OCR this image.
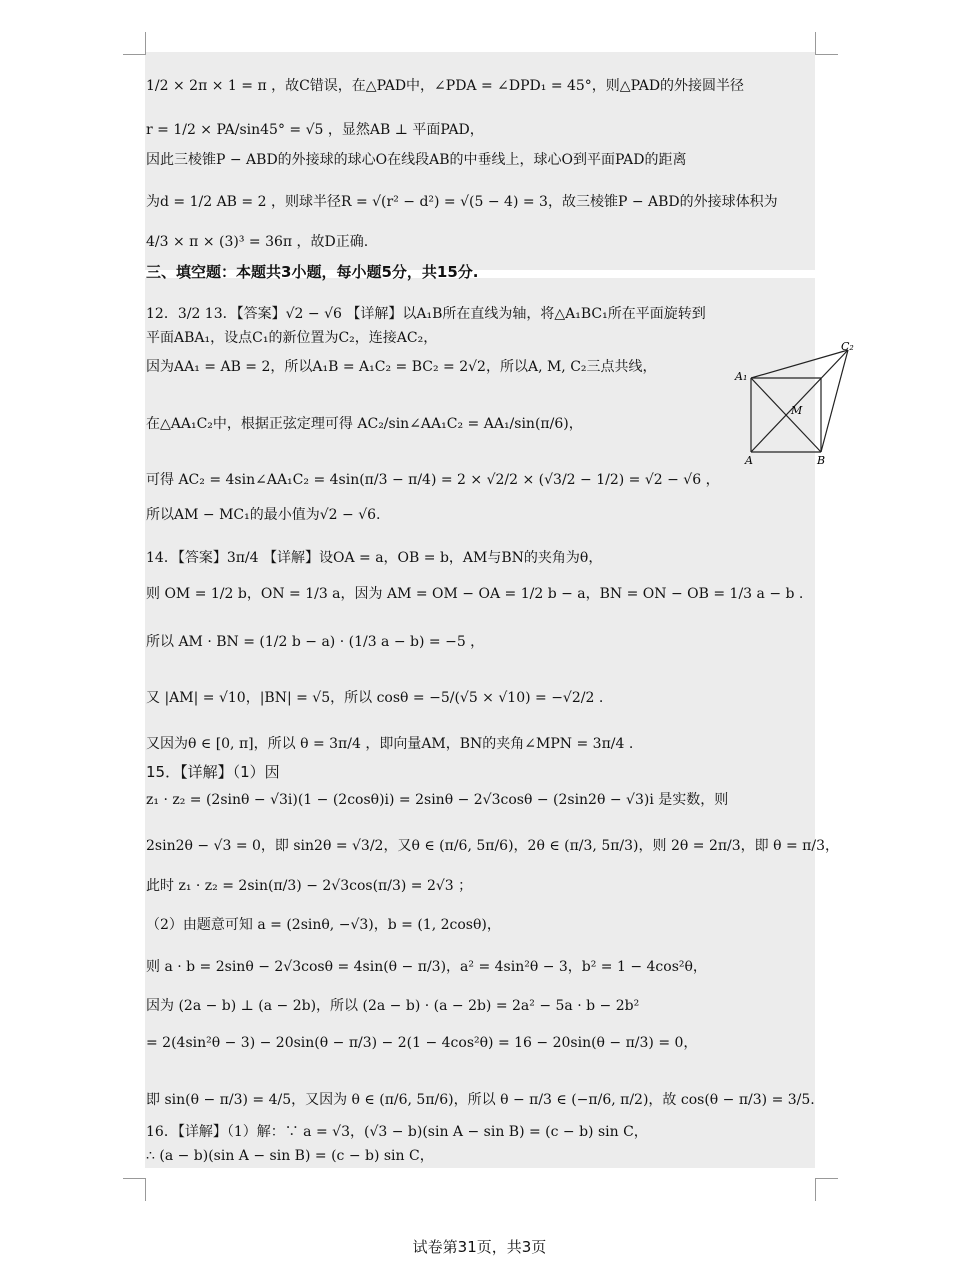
1/2 × 2π × 1 = π ，故C错误，在△PAD中，∠PDA = ∠DPD₁ = 45°，则△PAD的外接圆半径
r = 1/2 × PA/sin45° = √5 ，显然AB ⊥ 平面PAD，
因此三棱锥P − ABD的外接球的球心O在线段AB的中垂线上，球心O到平面PAD的距离
为d = 1/2 AB = 2 ，则球半径R = √(r² − d²) = √(5 − 4) = 3，故三棱锥P − ABD的外接球体积为
4/3 × π × (3)³ = 36π ，故D正确.
三、填空题：本题共3小题，每小题5分，共15分.
12．3/2 13．【答案】√2 − √6 【详解】以A₁B所在直线为轴，将△A₁BC₁所在平面旋转到
平面ABA₁，设点C₁的新位置为C₂，连接AC₂，
因为AA₁ = AB = 2，所以A₁B = A₁C₂ = BC₂ = 2√2，所以A, M, C₂三点共线，
在△AA₁C₂中，根据正弦定理可得 AC₂/sin∠AA₁C₂ = AA₁/sin(π/6)，
可得 AC₂ = 4sin∠AA₁C₂ = 4sin(π/3 − π/4) = 2 × √2/2 × (√3/2 − 1/2) = √2 − √6 ，
所以AM − MC₁的最小值为√2 − √6.
14．【答案】3π/4 【详解】设OA = a，OB = b，AM与BN的夹角为θ，
则 OM = 1/2 b，ON = 1/3 a，因为 AM = OM − OA = 1/2 b − a，BN = ON − OB = 1/3 a − b .
所以 AM · BN = (1/2 b − a) · (1/3 a − b) = −5 ，
又 |AM| = √10，|BN| = √5，所以 cosθ = −5/(√5 × √10) = −√2/2 .
又因为θ ∈ [0, π]，所以 θ = 3π/4 ，即向量AM，BN的夹角∠MPN = 3π/4 .
15．【详解】（1）因
z₁ · z₂ = (2sinθ − √3i)(1 − (2cosθ)i) = 2sinθ − 2√3cosθ − (2sin2θ − √3)i 是实数，则
2sin2θ − √3 = 0，即 sin2θ = √3/2，又θ ∈ (π/6, 5π/6)，2θ ∈ (π/3, 5π/3)，则 2θ = 2π/3，即 θ = π/3，
此时 z₁ · z₂ = 2sin(π/3) − 2√3cos(π/3) = 2√3 ；
（2）由题意可知 a = (2sinθ, −√3)，b = (1, 2cosθ)，
则 a · b = 2sinθ − 2√3cosθ = 4sin(θ − π/3)，a² = 4sin²θ − 3，b² = 1 − 4cos²θ，
因为 (2a − b) ⊥ (a − 2b)，所以 (2a − b) · (a − 2b) = 2a² − 5a · b − 2b²
= 2(4sin²θ − 3) − 20sin(θ − π/3) − 2(1 − 4cos²θ) = 16 − 20sin(θ − π/3) = 0，
即 sin(θ − π/3) = 4/5，又因为 θ ∈ (π/6, 5π/6)，所以 θ − π/3 ∈ (−π/6, π/2)，故 cos(θ − π/3) = 3/5.
16．【详解】（1）解：∵ a = √3，(√3 − b)(sin A − sin B) = (c − b) sin C，
∴ (a − b)(sin A − sin B) = (c − b) sin C，
C₂
A₁
M
A	B
试卷第31页，共3页
